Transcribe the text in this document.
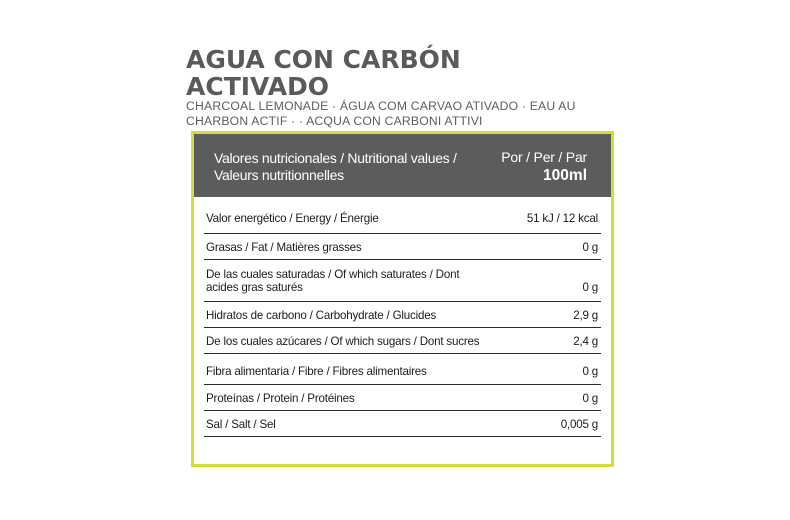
AGUA CON CARBÓN ACTIVADO

CHARCOAL LEMONADE · ÁGUA COM CARVAO ATIVADO · EAU AU CHARBON ACTIF · · ACQUA CON CARBONI ATTIVI

Valores nutricionales / Nutritional values / Valeurs nutritionnelles
Por / Per / Par
100ml
Valor energético / Energy / Énergie	51 kJ / 12 kcal
Grasas / Fat / Matières grasses	0 g
De las cuales saturadas / Of which saturates / Dont acides gras saturés	0 g
Hidratos de carbono / Carbohydrate / Glucides	2,9 g
De los cuales azúcares / Of which sugars / Dont sucres	2,4 g
Fibra alimentaria / Fibre / Fibres alimentaires	0 g
Proteínas / Protein / Protéines	0 g
Sal / Salt / Sel	0,005 g
